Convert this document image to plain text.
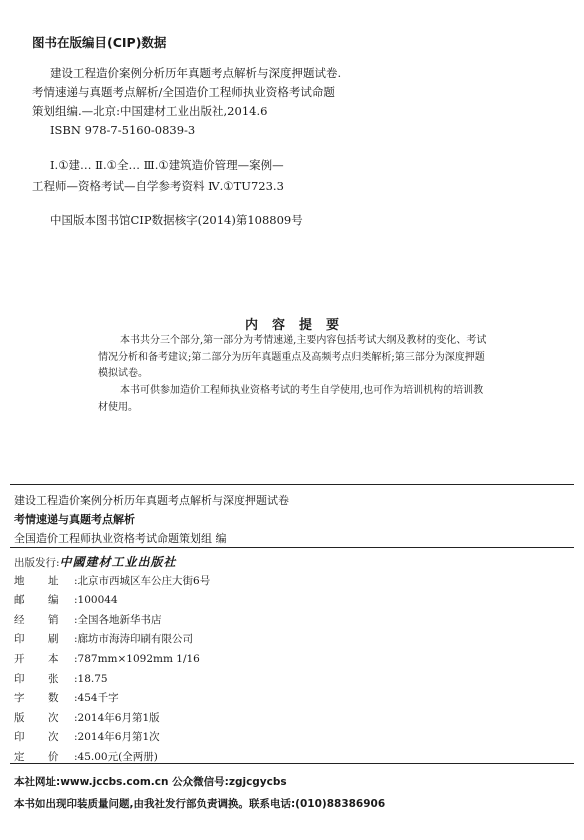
图书在版编目(CIP)数据
建设工程造价案例分析历年真题考点解析与深度押题试卷.
考情速递与真题考点解析/全国造价工程师执业资格考试命题
策划组编.—北京:中国建材工业出版社,2014.6
ISBN 978-7-5160-0839-3
Ⅰ.①建… Ⅱ.①全… Ⅲ.①建筑造价管理—案例—
工程师—资格考试—自学参考资料 Ⅳ.①TU723.3
中国版本图书馆CIP数据核字(2014)第108809号
内容提要
本书共分三个部分,第一部分为考情速递,主要内容包括考试大纲及教材的变化、考试情况分析和备考建议;第二部分为历年真题重点及高频考点归类解析;第三部分为深度押题模拟试卷。
本书可供参加造价工程师执业资格考试的考生自学使用,也可作为培训机构的培训教材使用。
建设工程造价案例分析历年真题考点解析与深度押题试卷
考情速递与真题考点解析
全国造价工程师执业资格考试命题策划组 编
出版发行:中國建材工业出版社
地 址 :北京市西城区车公庄大街6号
邮 编 :100044
经 销 :全国各地新华书店
印 刷 :廊坊市海涛印刷有限公司
开 本 :787mm×1092mm 1/16
印 张 :18.75
字 数 :454千字
版 次 :2014年6月第1版
印 次 :2014年6月第1次
定 价 :45.00元(全两册)
本社网址:www.jccbs.com.cn 公众微信号:zgjcgycbs
本书如出现印装质量问题,由我社发行部负责调换。联系电话:(010)88386906
